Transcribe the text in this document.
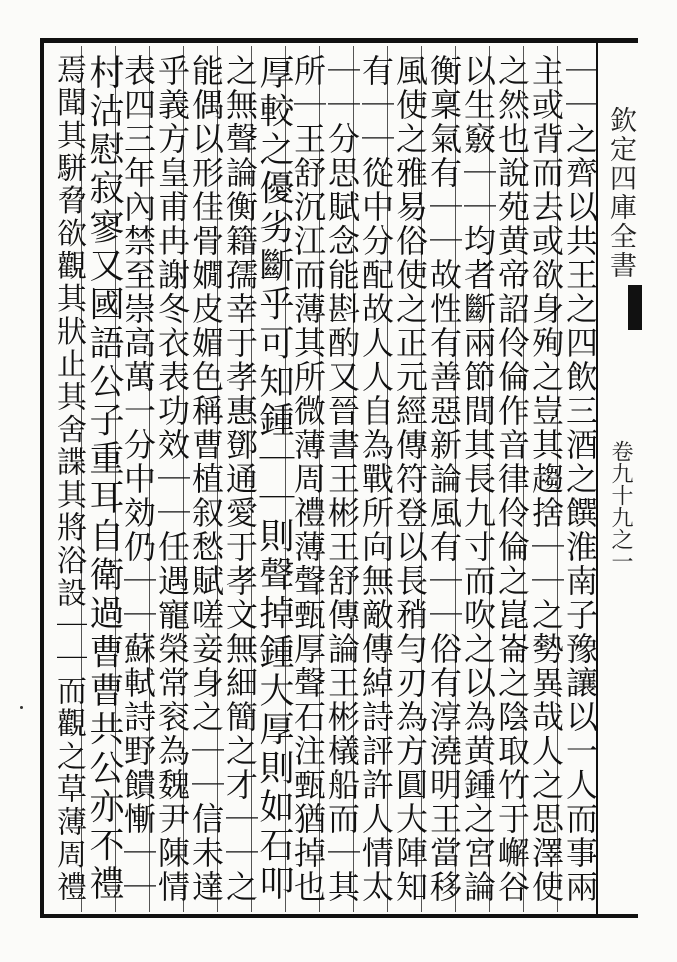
欽定四庫全書
卷九十九之一
｜｜之齊以共王之四飲三酒之饌淮南子豫讓以一人而事兩
主或背而去或欲身殉之豈其趨捨｜｜之勢異哉人之思澤使
之然也說苑黄帝詔伶倫作音律伶倫之崑崙之陰取竹于嶰谷
以生竅｜｜均者斷兩節間其長九寸而吹之以為黄鍾之宮論
衡稟氣有｜｜故性有善惡新論風有｜｜俗有淳澆明王當移
風使之雅易俗使之正元經傳符登以長矟勻刃為方圓大陣知
有｜｜從中分配故人人自為戰所向無敵傳綽詩評許人情太
｜｜分思賦念能斟酌又晉書王彬王舒傳論王彬檥船而｜其
所｜王舒沉江而薄其所微薄周禮薄聲甄厚聲石注甄猶掉也
厚較之優劣斷乎可知鍾｜｜則聲掉鍾大厚則如石叩
之無聲論衡籍孺幸于孝惠鄧通愛于孝文無細簡之才｜｜之
能偶以形佳骨嫺皮媚色稱曹植叙愁賦嗟妾身之｜｜信未達
乎義方皇甫冉謝冬衣表功效｜｜任遇寵榮常衮為魏尹陳情
表四三年內禁至崇高萬一分中効仍｜｜蘇軾詩野饋慚｜｜
村沽慰寂寥又國語公子重耳自衛過曹曹共公亦不禮
焉聞其駢脅欲觀其狀止其舍諜其將浴設｜｜而觀之草薄周禮
